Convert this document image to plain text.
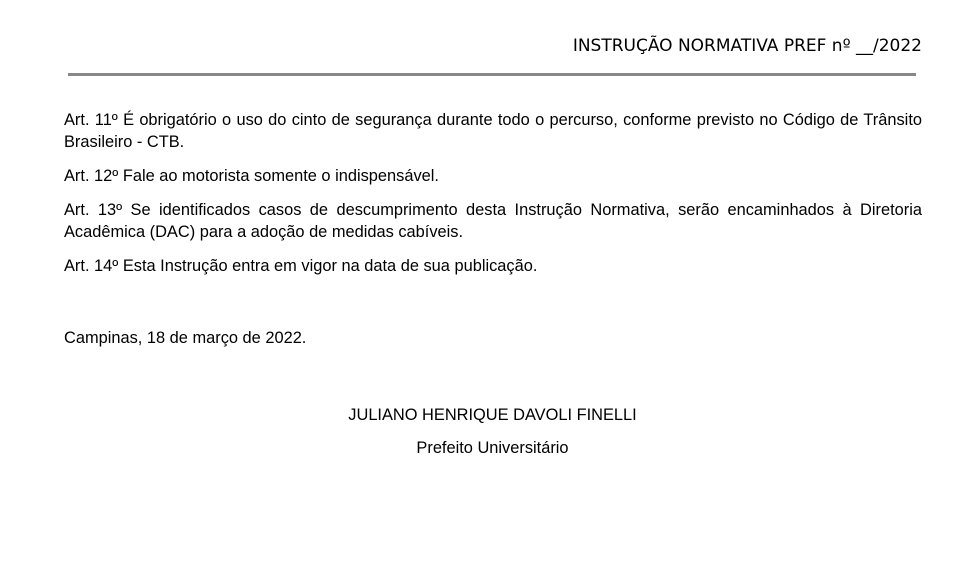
INSTRUÇÃO NORMATIVA PREF nº __/2022

Art. 11º É obrigatório o uso do cinto de segurança durante todo o percurso, conforme previsto no Código de Trânsito Brasileiro - CTB.

Art. 12º Fale ao motorista somente o indispensável.

Art. 13º Se identificados casos de descumprimento desta Instrução Normativa, serão encaminhados à Diretoria Acadêmica (DAC) para a adoção de medidas cabíveis.

Art. 14º Esta Instrução entra em vigor na data de sua publicação.

Campinas, 18 de março de 2022.
JULIANO HENRIQUE DAVOLI FINELLI
Prefeito Universitário
